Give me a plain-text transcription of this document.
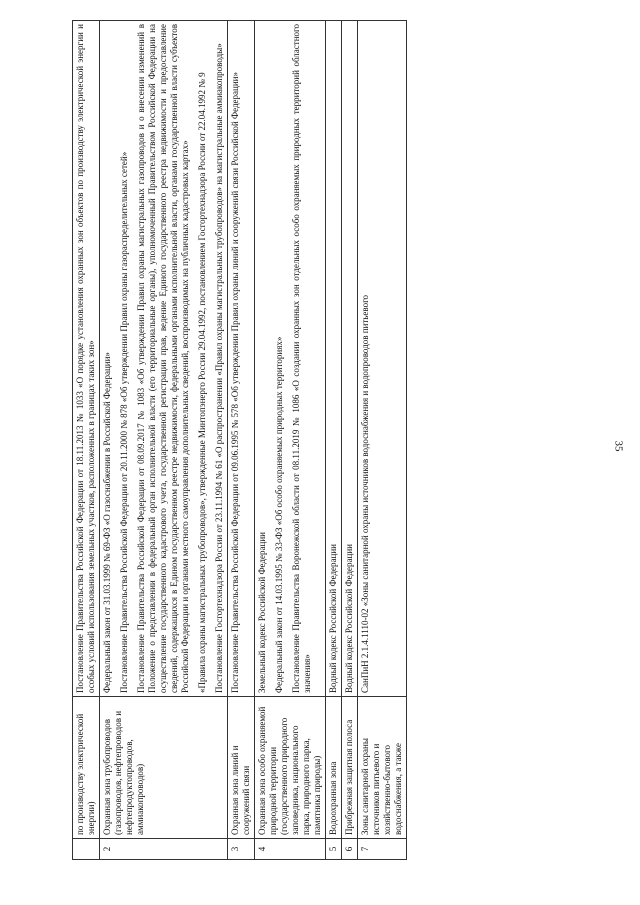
35
	по производству электрической энергии)	Постановление Правительства Российской Федерации от 18.11.2013 № 1033 «О порядке установления охранных зон объектов по производству электрической энергии и особых условий использования земельных участков, расположенных в границах таких зон»

2	Охранная зона трубопроводов (газопроводов, нефтепроводов и нефтепродуктопроводов, аммиакопроводов)	Федеральный закон от 31.03.1999 № 69-ФЗ «О газоснабжении в Российской Федерации» Постановление Правительства Российской Федерации от 20.11.2000 № 878 «Об утверждении Правил охраны газораспределительных сетей» Постановление Правительства Российской Федерации от 08.09.2017 № 1083 «Об утверждении Правил охраны магистральных газопроводов и о внесении изменений в Положение о представлении в федеральный орган исполнительной власти (его территориальные органы), уполномоченный Правительством Российской Федерации на осуществление государственного кадастрового учета, государственной регистрации прав, ведение Единого государственного реестра недвижимости и предоставление сведений, содержащихся в Едином государственном реестре недвижимости, федеральными органами исполнительной власти, органами государственной власти субъектов Российской Федерации и органами местного самоуправления дополнительных сведений, воспроизводимых на публичных кадастровых картах» «Правила охраны магистральных трубопроводов», утвержденные Минтопэнерго России 29.04.1992, постановлением Госгортехнадзора России от 22.04.1992 № 9 Постановление Госгортехнадзора России от 23.11.1994 № 61 «О распространении «Правил охраны магистральных трубопроводов» на магистральные аммиакопроводы»

3	Охранная зона линий и сооружений связи	Постановление Правительства Российской Федерации от 09.06.1995 № 578 «Об утверждении Правил охраны линий и сооружений связи Российской Федерации»

4	Охранная зона особо охраняемой природной территории (государственного природного заповедника, национального парка, природного парка, памятника природы)	Земельный кодекс Российской Федерации Федеральный закон от 14.03.1995 № 33-ФЗ «Об особо охраняемых природных территориях» Постановление Правительства Воронежской области от 08.11.2019 № 1086 «О создании охранных зон отдельных особо охраняемых природных территорий областного значения»

5	Водоохранная зона	Водный кодекс Российской Федерации

6	Прибрежная защитная полоса	Водный кодекс Российской Федерации

7	Зоны санитарной охраны источников питьевого и хозяйственно-бытового водоснабжения, а также	СанПиН 2.1.4.1110-02 «Зоны санитарной охраны источников водоснабжения и водопроводов питьевого
